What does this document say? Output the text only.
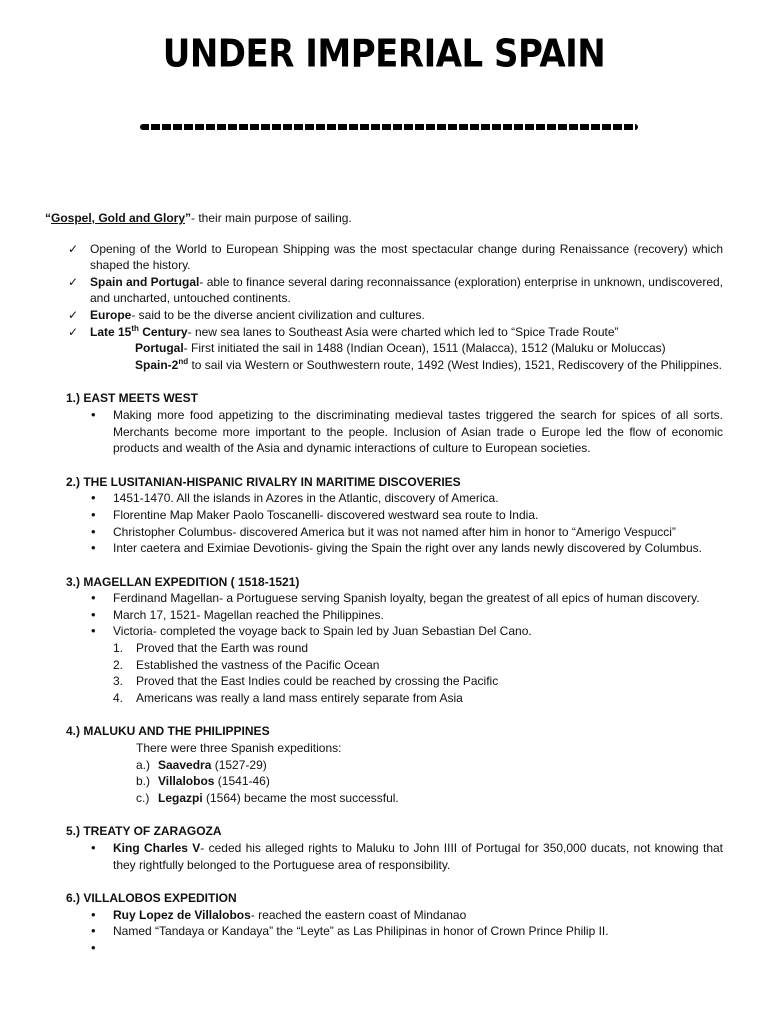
UNDER IMPERIAL SPAIN

“Gospel, Gold and Glory”- their main purpose of sailing.

✓ Opening of the World to European Shipping was the most spectacular change during Renaissance (recovery) which shaped the history.
✓ Spain and Portugal- able to finance several daring reconnaissance (exploration) enterprise in unknown, undiscovered, and uncharted, untouched continents.
✓ Europe- said to be the diverse ancient civilization and cultures.
✓ Late 15th Century- new sea lanes to Southeast Asia were charted which led to “Spice Trade Route”
Portugal- First initiated the sail in 1488 (Indian Ocean), 1511 (Malacca), 1512 (Maluku or Moluccas)
Spain-2nd to sail via Western or Southwestern route, 1492 (West Indies), 1521, Rediscovery of the Philippines.
1.) EAST MEETS WEST
• Making more food appetizing to the discriminating medieval tastes triggered the search for spices of all sorts. Merchants become more important to the people. Inclusion of Asian trade o Europe led the flow of economic products and wealth of the Asia and dynamic interactions of culture to European societies.
2.) THE LUSITANIAN-HISPANIC RIVALRY IN MARITIME DISCOVERIES
• 1451-1470. All the islands in Azores in the Atlantic, discovery of America.
• Florentine Map Maker Paolo Toscanelli- discovered westward sea route to India.
• Christopher Columbus- discovered America but it was not named after him in honor to “Amerigo Vespucci”
• Inter caetera and Eximiae Devotionis- giving the Spain the right over any lands newly discovered by Columbus.
3.) MAGELLAN EXPEDITION ( 1518-1521)
• Ferdinand Magellan- a Portuguese serving Spanish loyalty, began the greatest of all epics of human discovery.
• March 17, 1521- Magellan reached the Philippines.
• Victoria- completed the voyage back to Spain led by Juan Sebastian Del Cano.
1. Proved that the Earth was round
2. Established the vastness of the Pacific Ocean
3. Proved that the East Indies could be reached by crossing the Pacific
4. Americans was really a land mass entirely separate from Asia
4.) MALUKU AND THE PHILIPPINES
There were three Spanish expeditions:
a.) Saavedra (1527-29)
b.) Villalobos (1541-46)
c.) Legazpi (1564) became the most successful.
5.) TREATY OF ZARAGOZA
• King Charles V- ceded his alleged rights to Maluku to John IIII of Portugal for 350,000 ducats, not knowing that they rightfully belonged to the Portuguese area of responsibility.
6.) VILLALOBOS EXPEDITION
• Ruy Lopez de Villalobos- reached the eastern coast of Mindanao
• Named “Tandaya or Kandaya” the “Leyte” as Las Philipinas in honor of Crown Prince Philip II.
•
